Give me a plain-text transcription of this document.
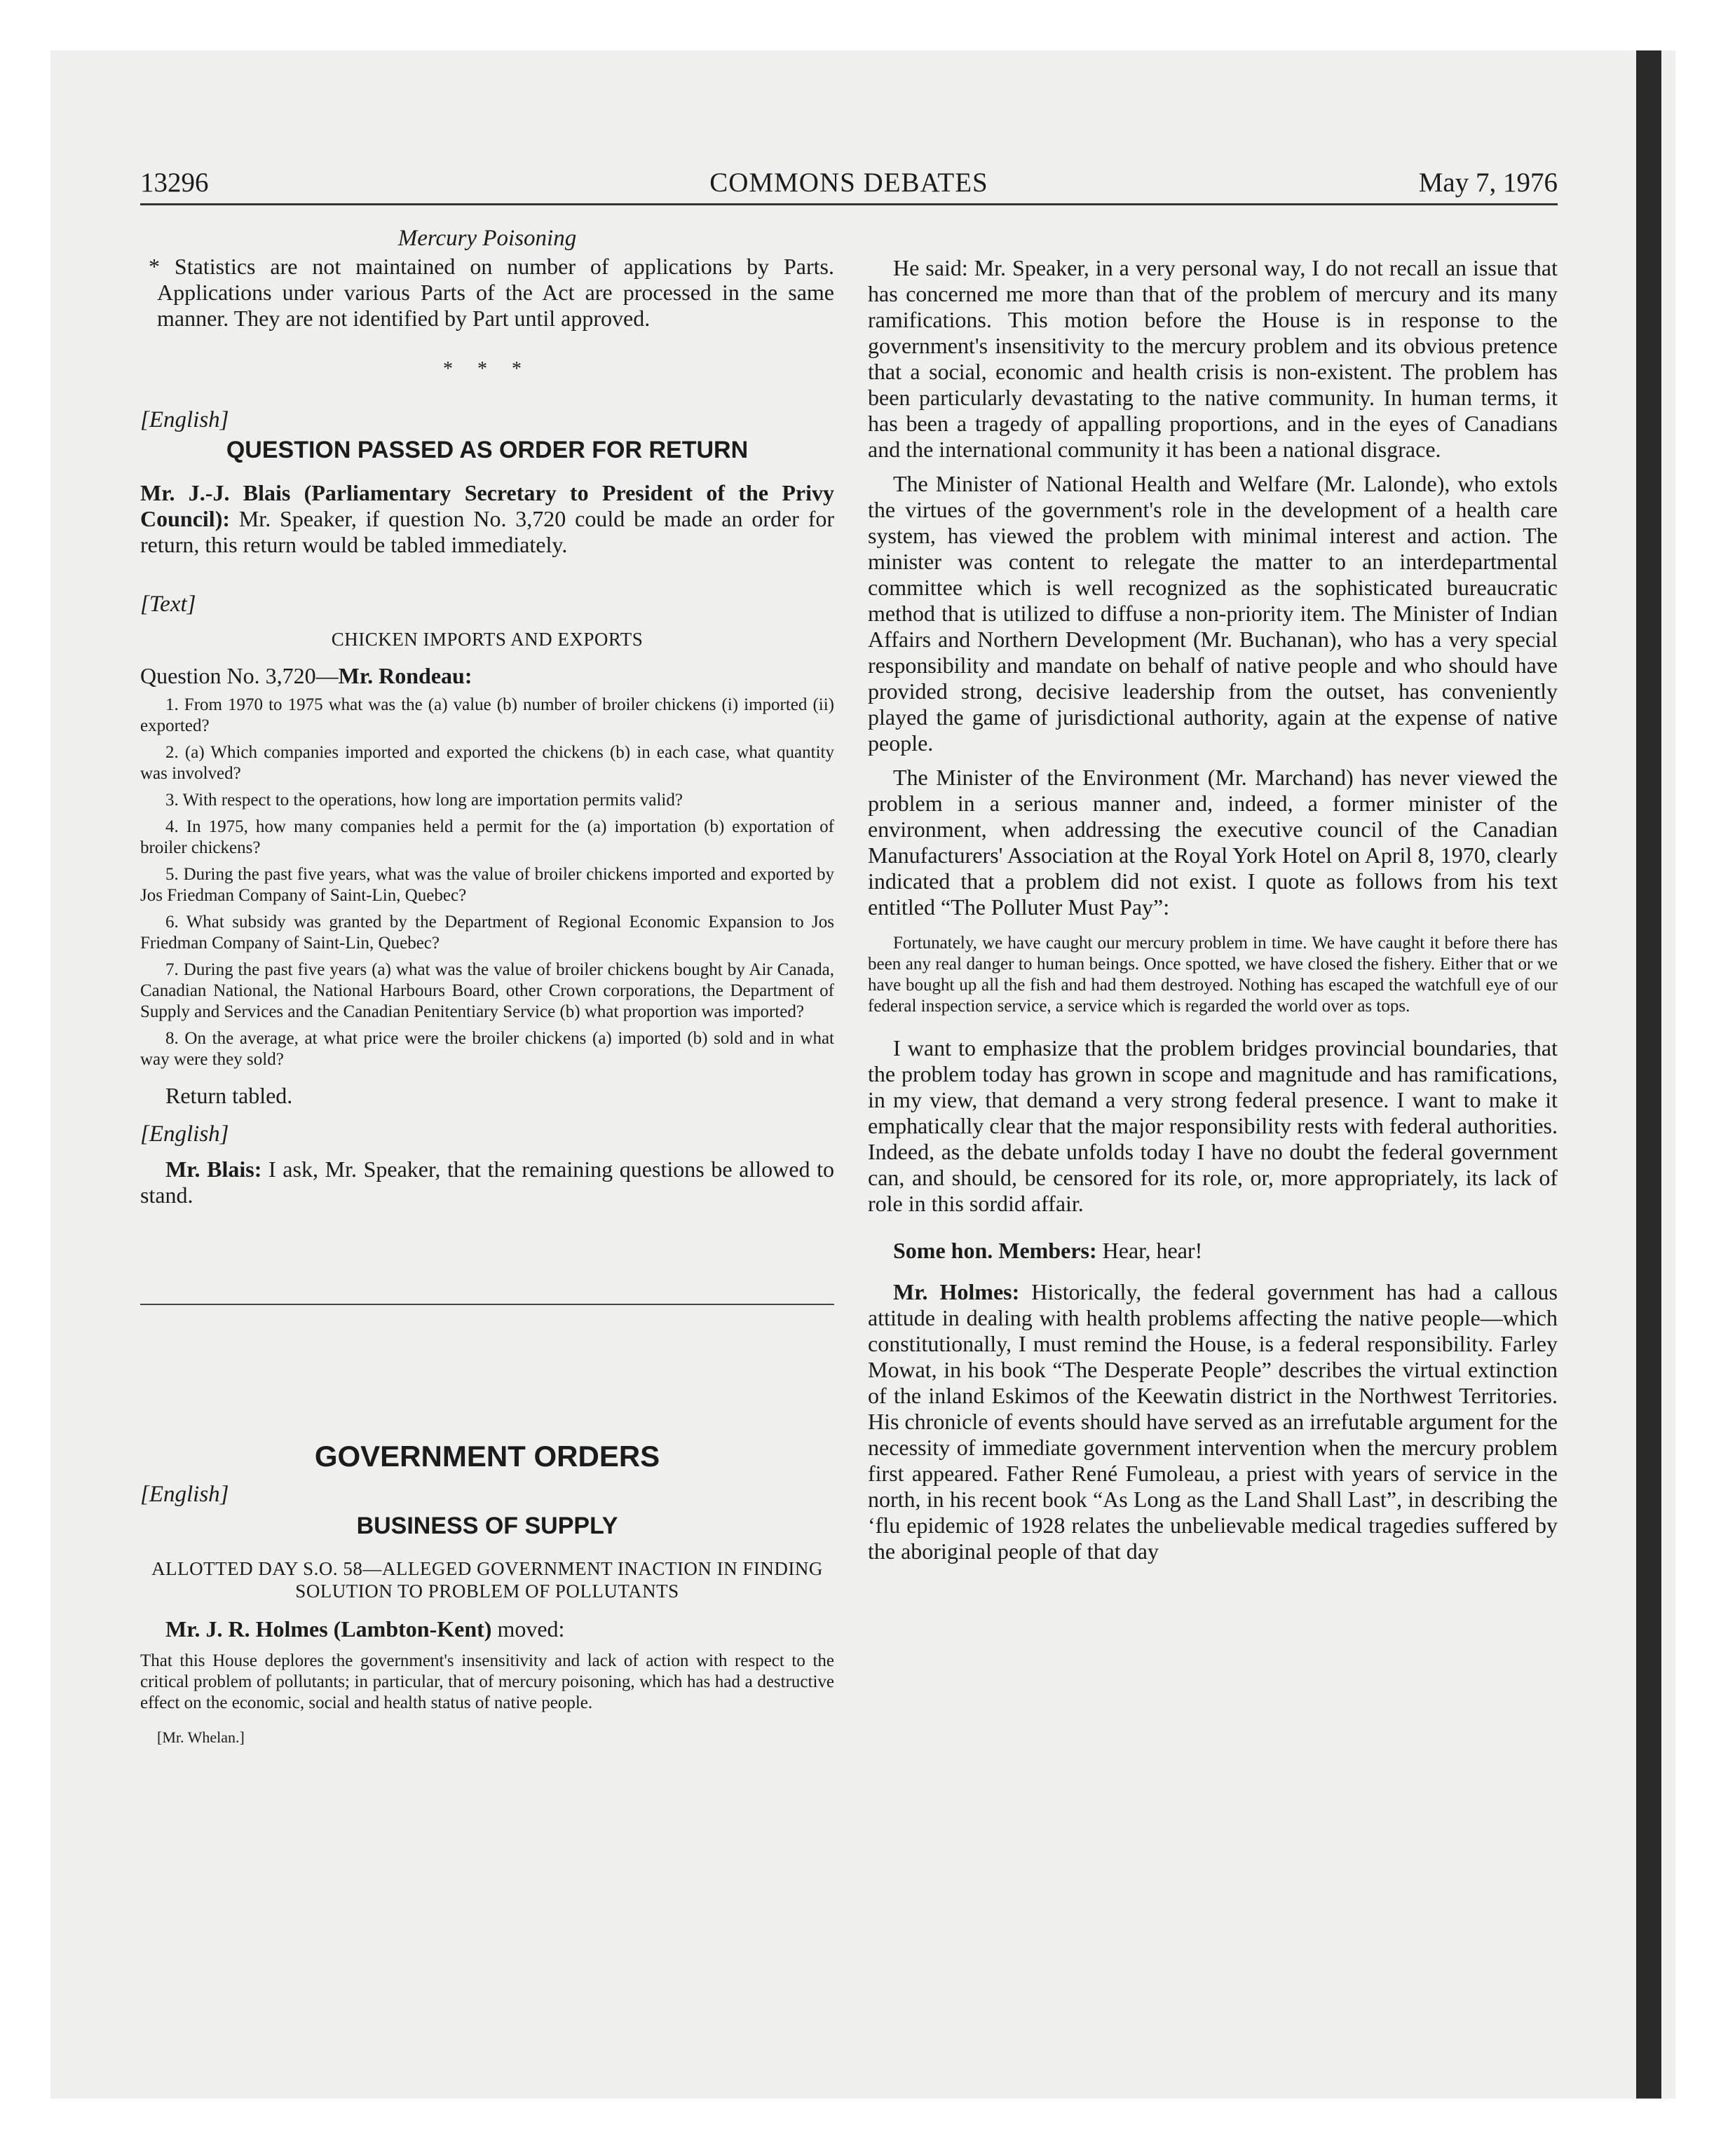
13296	COMMONS DEBATES	May 7, 1976

Mercury Poisoning

* Statistics are not maintained on number of applications by Parts. Applications under various Parts of the Act are processed in the same manner. They are not identified by Part until approved.

* * *

[English]

QUESTION PASSED AS ORDER FOR RETURN

Mr. J.-J. Blais (Parliamentary Secretary to President of the Privy Council): Mr. Speaker, if question No. 3,720 could be made an order for return, this return would be tabled immediately.

[Text]

CHICKEN IMPORTS AND EXPORTS

Question No. 3,720—Mr. Rondeau:

1. From 1970 to 1975 what was the (a) value (b) number of broiler chickens (i) imported (ii) exported?

2. (a) Which companies imported and exported the chickens (b) in each case, what quantity was involved?

3. With respect to the operations, how long are importation permits valid?

4. In 1975, how many companies held a permit for the (a) importation (b) exportation of broiler chickens?

5. During the past five years, what was the value of broiler chickens imported and exported by Jos Friedman Company of Saint-Lin, Quebec?

6. What subsidy was granted by the Department of Regional Economic Expansion to Jos Friedman Company of Saint-Lin, Quebec?

7. During the past five years (a) what was the value of broiler chickens bought by Air Canada, Canadian National, the National Harbours Board, other Crown corporations, the Department of Supply and Services and the Canadian Penitentiary Service (b) what proportion was imported?

8. On the average, at what price were the broiler chickens (a) imported (b) sold and in what way were they sold?

Return tabled.

[English]

Mr. Blais: I ask, Mr. Speaker, that the remaining questions be allowed to stand.

GOVERNMENT ORDERS

[English]

BUSINESS OF SUPPLY

ALLOTTED DAY S.O. 58—ALLEGED GOVERNMENT INACTION IN FINDING SOLUTION TO PROBLEM OF POLLUTANTS

Mr. J. R. Holmes (Lambton-Kent) moved:

That this House deplores the government's insensitivity and lack of action with respect to the critical problem of pollutants; in particular, that of mercury poisoning, which has had a destructive effect on the economic, social and health status of native people.

[Mr. Whelan.]

He said: Mr. Speaker, in a very personal way, I do not recall an issue that has concerned me more than that of the problem of mercury and its many ramifications. This motion before the House is in response to the government's insensitivity to the mercury problem and its obvious pretence that a social, economic and health crisis is non-existent. The problem has been particularly devastating to the native community. In human terms, it has been a tragedy of appalling proportions, and in the eyes of Canadians and the international community it has been a national disgrace.

The Minister of National Health and Welfare (Mr. Lalonde), who extols the virtues of the government's role in the development of a health care system, has viewed the problem with minimal interest and action. The minister was content to relegate the matter to an interdepartmental committee which is well recognized as the sophisticated bureaucratic method that is utilized to diffuse a non-priority item. The Minister of Indian Affairs and Northern Development (Mr. Buchanan), who has a very special responsibility and mandate on behalf of native people and who should have provided strong, decisive leadership from the outset, has conveniently played the game of jurisdictional authority, again at the expense of native people.

The Minister of the Environment (Mr. Marchand) has never viewed the problem in a serious manner and, indeed, a former minister of the environment, when addressing the executive council of the Canadian Manufacturers' Association at the Royal York Hotel on April 8, 1970, clearly indicated that a problem did not exist. I quote as follows from his text entitled “The Polluter Must Pay”:

Fortunately, we have caught our mercury problem in time. We have caught it before there has been any real danger to human beings. Once spotted, we have closed the fishery. Either that or we have bought up all the fish and had them destroyed. Nothing has escaped the watchfull eye of our federal inspection service, a service which is regarded the world over as tops.

I want to emphasize that the problem bridges provincial boundaries, that the problem today has grown in scope and magnitude and has ramifications, in my view, that demand a very strong federal presence. I want to make it emphatically clear that the major responsibility rests with federal authorities. Indeed, as the debate unfolds today I have no doubt the federal government can, and should, be censored for its role, or, more appropriately, its lack of role in this sordid affair.

Some hon. Members: Hear, hear!

Mr. Holmes: Historically, the federal government has had a callous attitude in dealing with health problems affecting the native people—which constitutionally, I must remind the House, is a federal responsibility. Farley Mowat, in his book “The Desperate People” describes the virtual extinction of the inland Eskimos of the Keewatin district in the Northwest Territories. His chronicle of events should have served as an irrefutable argument for the necessity of immediate government intervention when the mercury problem first appeared. Father René Fumoleau, a priest with years of service in the north, in his recent book “As Long as the Land Shall Last”, in describing the ‘flu epidemic of 1928 relates the unbelievable medical tragedies suffered by the aboriginal people of that day
